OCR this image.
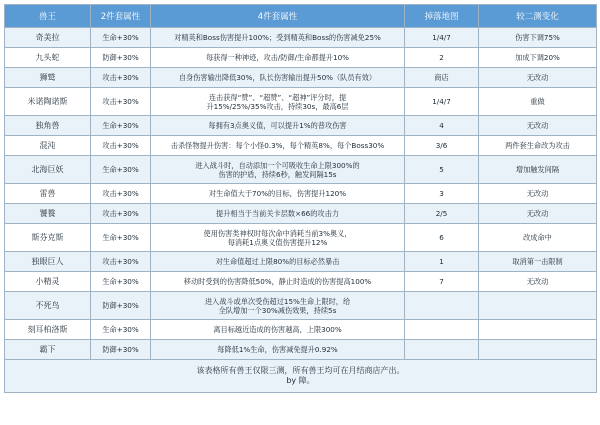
兽王	2件套属性	4件套属性	掉落地图	较二测变化
奇美拉	生命+30%	对精英和Boss伤害提升100%；受到精英和Boss的伤害减免25%	1/4/7	伤害下调75%
九头蛇	防御+30%	每获得一种神迹，攻击/防御/生命都提升10%	2	加成下调20%
狮鹫	攻击+30%	自身伤害输出降低30%，队长伤害输出提升50%（队员有效）	商店	无改动
米诺陶诺斯	攻击+30%	连击获得“赞”、“超赞”、“超神”评分时，提
升15%/25%/35%攻击，持续30s，最高6层	1/4/7	重做
独角兽	生命+30%	每拥有3点奥义值，可以提升1%的普攻伤害	4	无改动
混沌	攻击+30%	击杀怪物提升伤害：每个小怪0.3%，每个精英8%，每个Boss30%	3/6	两件套生命改为攻击
北海巨妖	生命+30%	进入战斗时，自动添加一个可吸收生命上限300%的
伤害的护盾，持续6秒，触发间隔15s	5	增加触发间隔
雷兽	攻击+30%	对生命值大于70%的目标，伤害提升120%	3	无改动
饕餮	攻击+30%	提升相当于当前关卡层数×66的攻击力	2/5	无改动
斯芬克斯	生命+30%	使用伤害类神权时每次命中消耗当前3%奥义，
每消耗1点奥义值伤害提升12%	6	改成命中
独眼巨人	攻击+30%	对生命值超过上限80%的目标必然暴击	1	取消第一击限制
小精灵	生命+30%	移动时受到的伤害降低50%，静止时造成的伤害提高100%	7	无改动
不死鸟	防御+30%	进入战斗或单次受伤超过15%生命上限时，给
全队增加一个30%减伤效果，持续5s		
刻耳柏洛斯	生命+30%	离目标越近造成的伤害越高，上限300%		
霸下	防御+30%	每降低1%生命，伤害减免提升0.92%		

该表格所有兽王仅限三测，所有兽王均可在月结商店产出。
by 障。				
